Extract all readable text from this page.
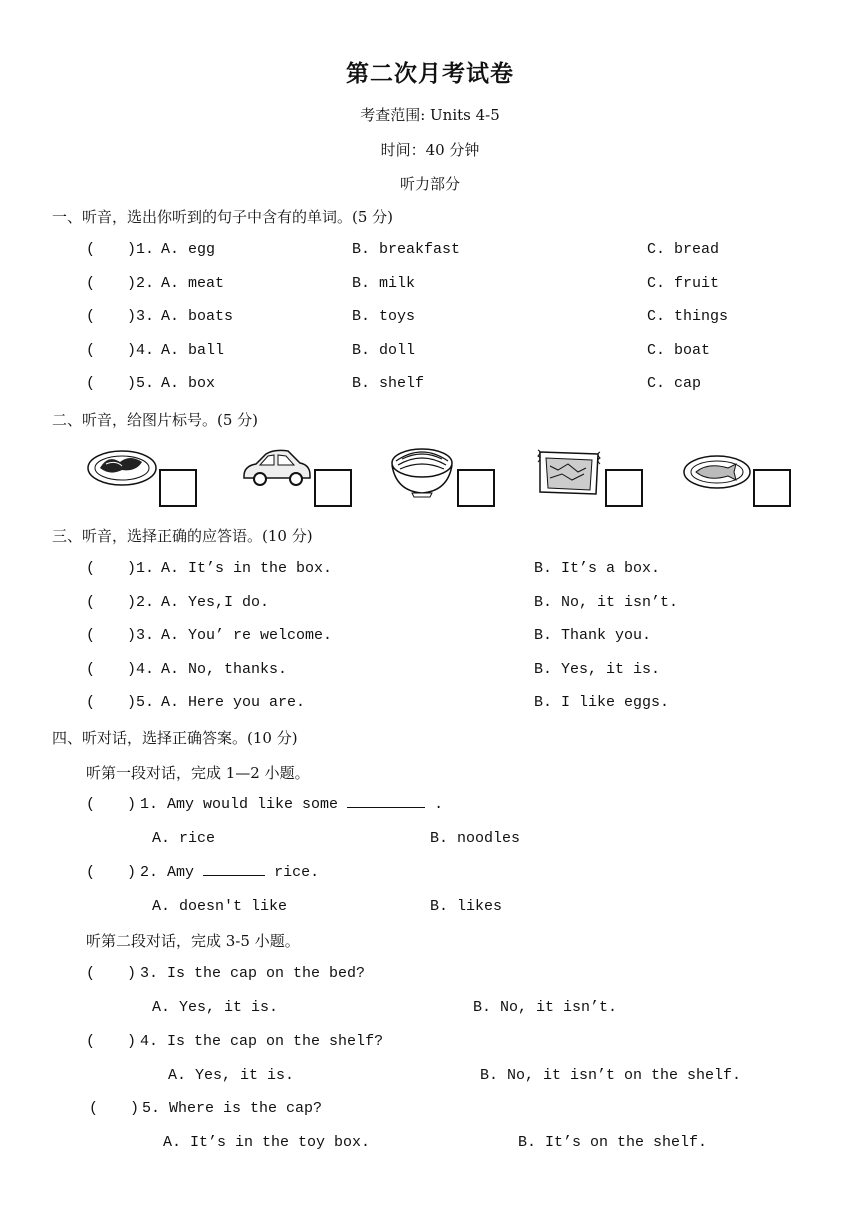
第二次月考试卷
考查范围: Units 4-5
时间：40 分钟
听力部分
一、听音，选出你听到的句子中含有的单词。(5 分)
( ) 1. A. egg	B. breakfast	C. bread
( ) 2. A. meat	B. milk	C. fruit
( ) 3. A. boats	B. toys	C. things
( ) 4. A. ball	B. doll	C. boat
( ) 5. A. box	B. shelf	C. cap
二、听音，给图片标号。(5 分)
三、听音，选择正确的应答语。(10 分)
( ) 1. A. It’s in the box.	B. It’s a box.
( ) 2. A. Yes,I do.	B. No, it isn’t.
( ) 3. A. You’ re welcome.	B. Thank you.
( ) 4. A. No, thanks.	B. Yes, it is.
( ) 5. A. Here you are.	B. I like eggs.
四、听对话，选择正确答案。(10 分)
听第一段对话，完成 1—2 小题。
( ) 1. Amy would like some	.
A. rice	B. noodles
( ) 2. Amy	rice.
A. doesn't like	B. likes
听第二段对话，完成 3-5 小题。
( ) 3. Is the cap on the bed?
A. Yes, it is.	B. No, it isn’t.
( ) 4. Is the cap on the shelf?
A. Yes, it is.	B. No, it isn’t on the shelf.
( ) 5. Where is the cap?
A. It’s in the toy box.	B. It’s on the shelf.
